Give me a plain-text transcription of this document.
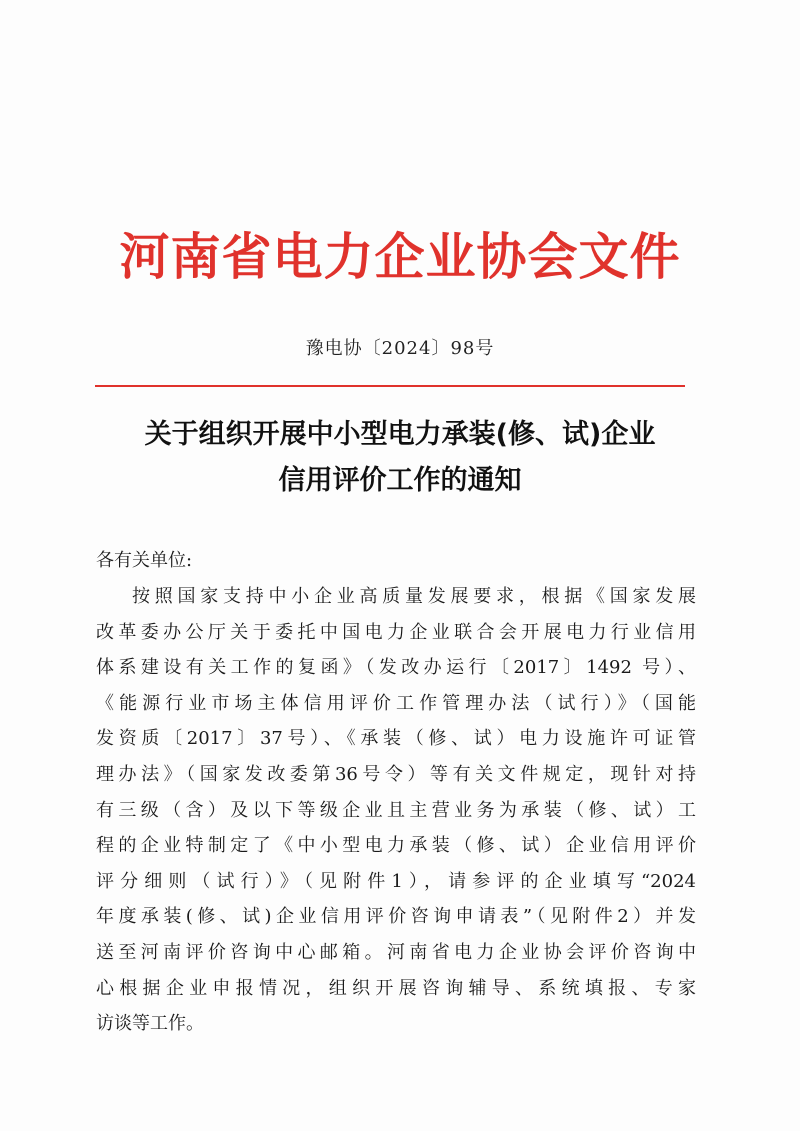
河南省电力企业协会文件
豫电协〔2024〕98号
关于组织开展中小型电力承装(修、试)企业
信用评价工作的通知
各有关单位:
按照国家支持中小企业高质量发展要求，根据《国家发展
改革委办公厅关于委托中国电力企业联合会开展电力行业信用
体系建设有关工作的复函》（发改办运行〔2017〕1492 号）、
《能源行业市场主体信用评价工作管理办法（试行）》（国能
发资质〔2017〕37号）、《承装（修、试）电力设施许可证管
理办法》（国家发改委第36号令）等有关文件规定，现针对持
有三级（含）及以下等级企业且主营业务为承装（修、试）工
程的企业特制定了《中小型电力承装（修、试）企业信用评价
评分细则（试行）》（见附件1），请参评的企业填写“2024
年度承装(修、试)企业信用评价咨询申请表”（见附件2）并发
送至河南评价咨询中心邮箱。河南省电力企业协会评价咨询中
心根据企业申报情况，组织开展咨询辅导、系统填报、专家
访谈等工作。
